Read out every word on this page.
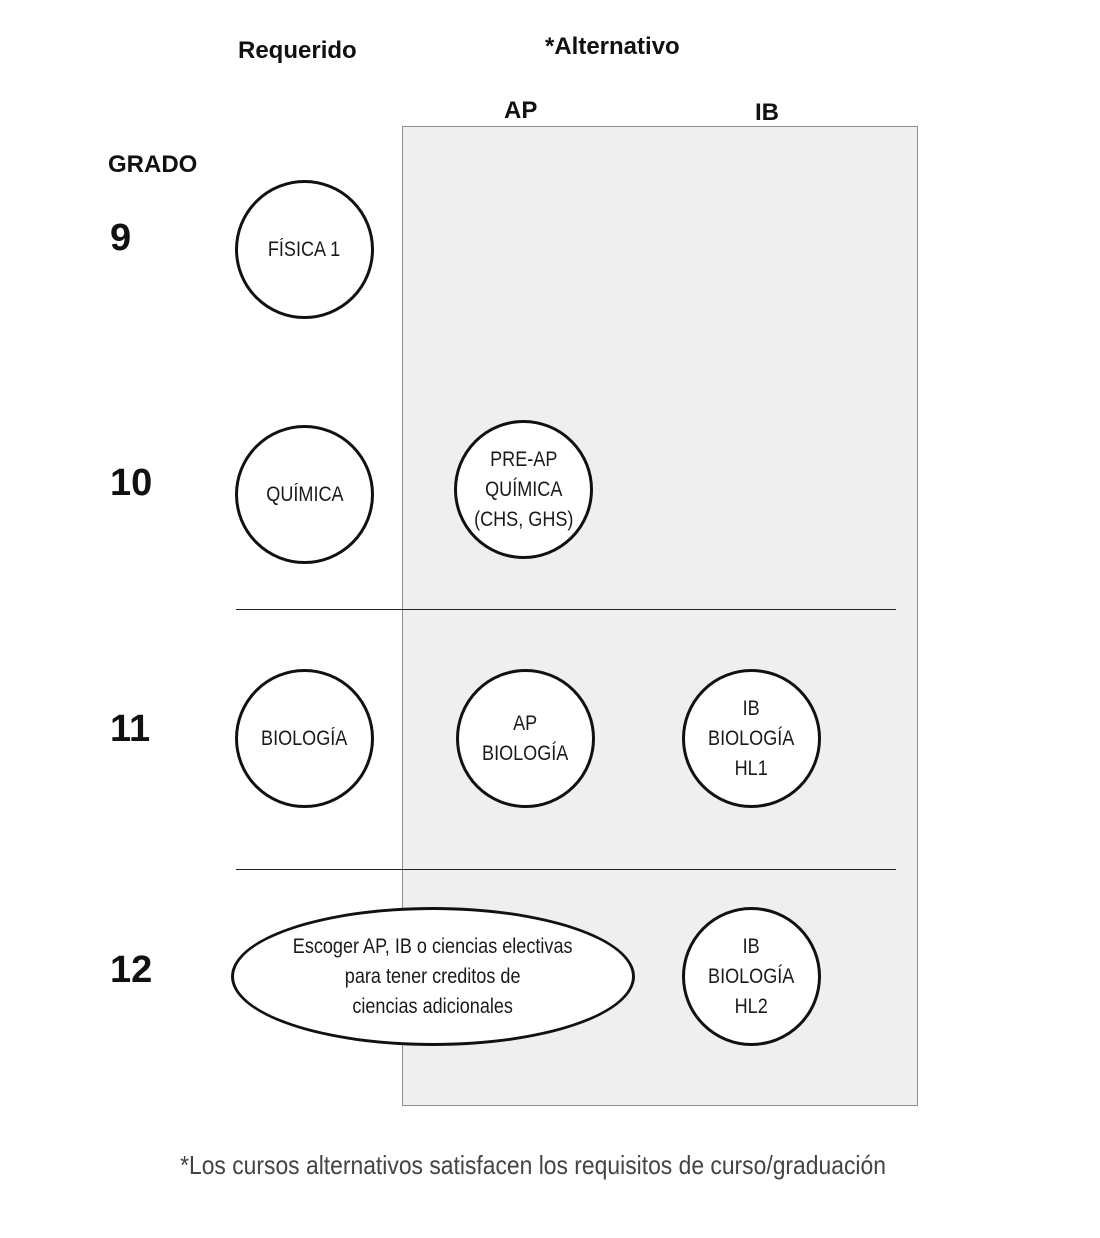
Requerido	*Alternativo
AP	IB
GRADO
9
10
11
12
FÍSICA 1
QUÍMICA
PRE-AP
QUÍMICA
(CHS, GHS)
BIOLOGÍA
AP
BIOLOGÍA
IB
BIOLOGÍA
HL1
Escoger AP, IB o ciencias electivas
para tener creditos de
ciencias adicionales
IB
BIOLOGÍA
HL2
*Los cursos alternativos satisfacen los requisitos de curso/graduación
